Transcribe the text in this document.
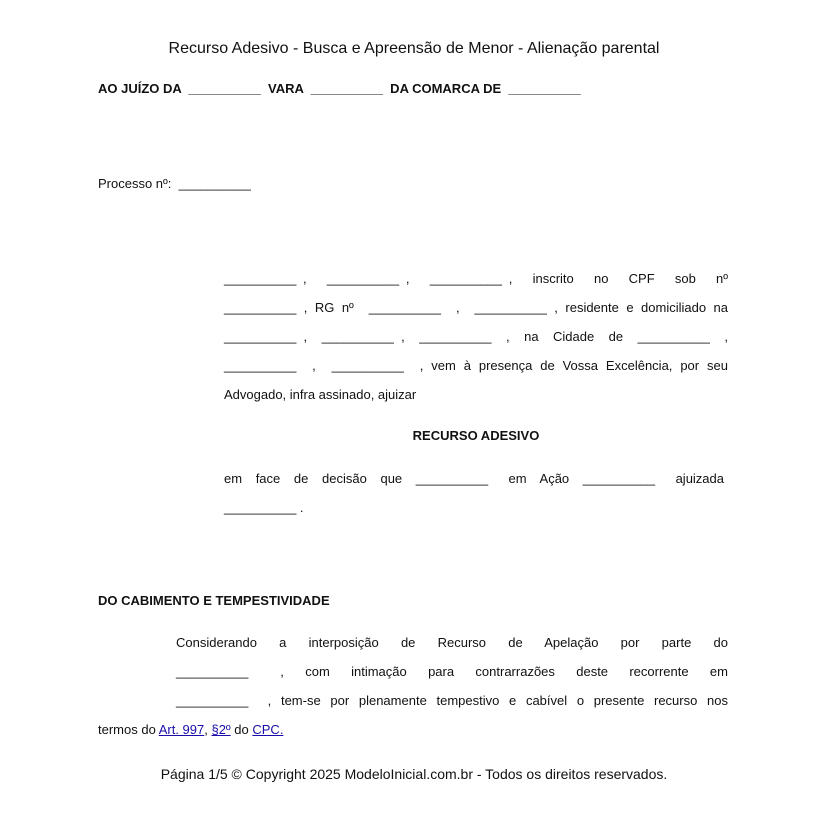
Recurso Adesivo - Busca e Apreensão de Menor - Alienação parental
AO JUÍZO DA  __________  VARA  __________  DA COMARCA DE  __________
Processo nº:  __________
__________ ,   __________ ,   __________ ,   inscrito   no   CPF   sob   nº
__________ , RG nº  __________  ,  __________ , residente e domiciliado na
__________ ,  __________ ,  __________  ,  na  Cidade  de  __________  ,
__________  ,  __________  , vem à presença de Vossa Excelência, por seu
Advogado, infra assinado, ajuizar
RECURSO ADESIVO
em  face  de  decisão  que  __________   em  Ação  __________   ajuizada
__________ .
DO CABIMENTO E TEMPESTIVIDADE
Considerando   a   interposição   de   Recurso   de   Apelação   por   parte   do
__________   ,  com  intimação  para  contrarrazões  deste  recorrente  em
__________  , tem-se por plenamente tempestivo e cabível o presente recurso nos
termos do Art. 997, §2º do CPC.
Página 1/5 © Copyright 2025 ModeloInicial.com.br - Todos os direitos reservados.
